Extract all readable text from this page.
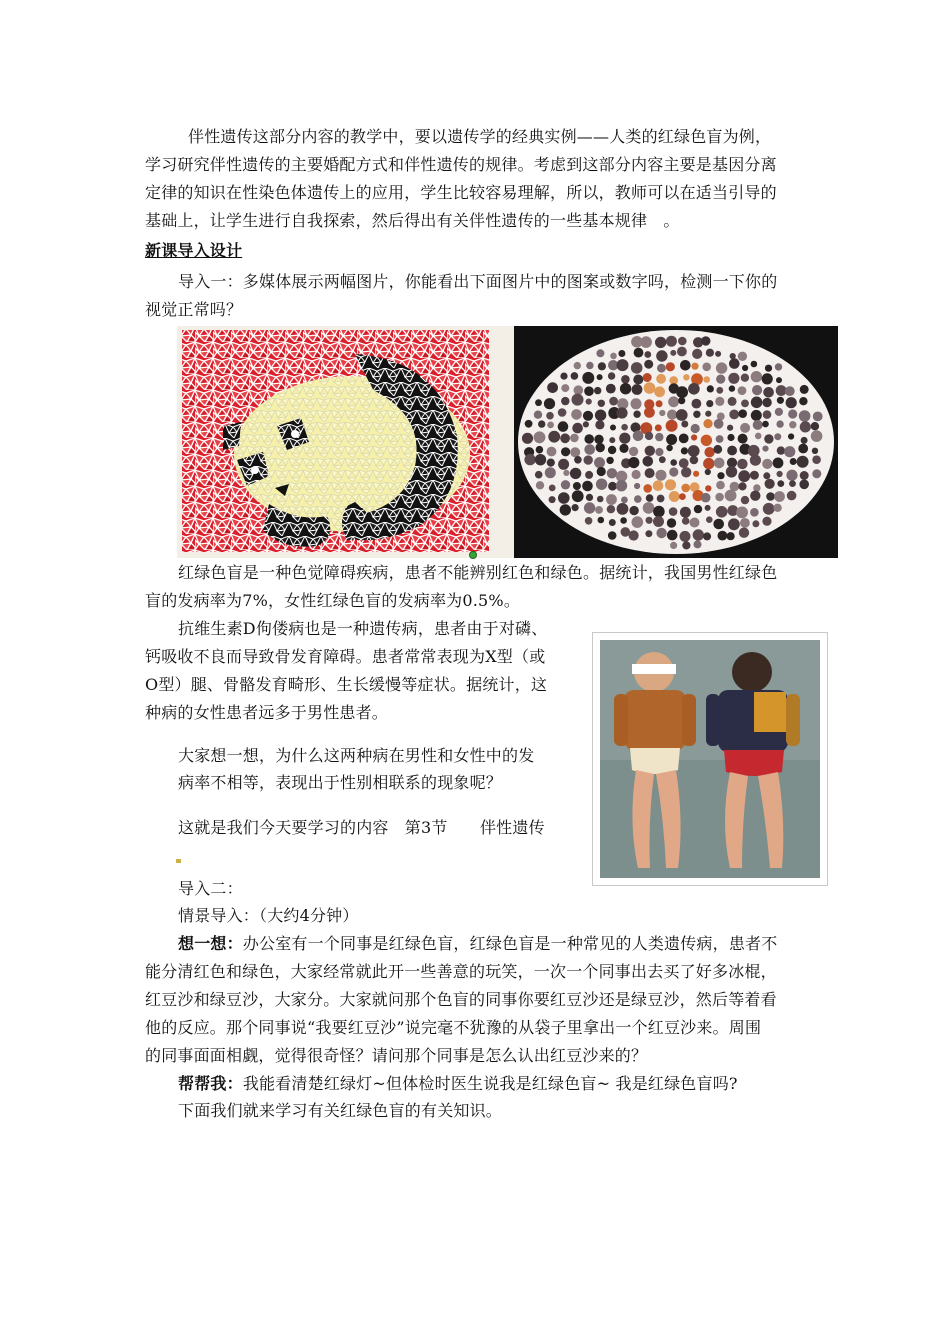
伴性遗传这部分内容的教学中，要以遗传学的经典实例——人类的红绿色盲为例，
学习研究伴性遗传的主要婚配方式和伴性遗传的规律。考虑到这部分内容主要是基因分离
定律的知识在性染色体遗传上的应用，学生比较容易理解，所以，教师可以在适当引导的
基础上，让学生进行自我探索，然后得出有关伴性遗传的一些基本规律　。
新课导入设计
导入一：多媒体展示两幅图片，你能看出下面图片中的图案或数字吗，检测一下你的
视觉正常吗？
红绿色盲是一种色觉障碍疾病，患者不能辨别红色和绿色。据统计，我国男性红绿色
盲的发病率为7%，女性红绿色盲的发病率为0.5%。
抗维生素D佝偻病也是一种遗传病，患者由于对磷、
钙吸收不良而导致骨发育障碍。患者常常表现为X型（或
O型）腿、骨骼发育畸形、生长缓慢等症状。据统计，这
种病的女性患者远多于男性患者。
大家想一想，为什么这两种病在男性和女性中的发
病率不相等，表现出于性别相联系的现象呢？
这就是我们今天要学习的内容　第3节　　伴性遗传
导入二：
情景导入：（大约4分钟）
想一想：办公室有一个同事是红绿色盲，红绿色盲是一种常见的人类遗传病，患者不
能分清红色和绿色，大家经常就此开一些善意的玩笑，一次一个同事出去买了好多冰棍，
红豆沙和绿豆沙，大家分。大家就问那个色盲的同事你要红豆沙还是绿豆沙，然后等着看
他的反应。那个同事说“我要红豆沙”说完毫不犹豫的从袋子里拿出一个红豆沙来。周围
的同事面面相觑，觉得很奇怪？请问那个同事是怎么认出红豆沙来的？
帮帮我：我能看清楚红绿灯~但体检时医生说我是红绿色盲~ 我是红绿色盲吗?
下面我们就来学习有关红绿色盲的有关知识。
